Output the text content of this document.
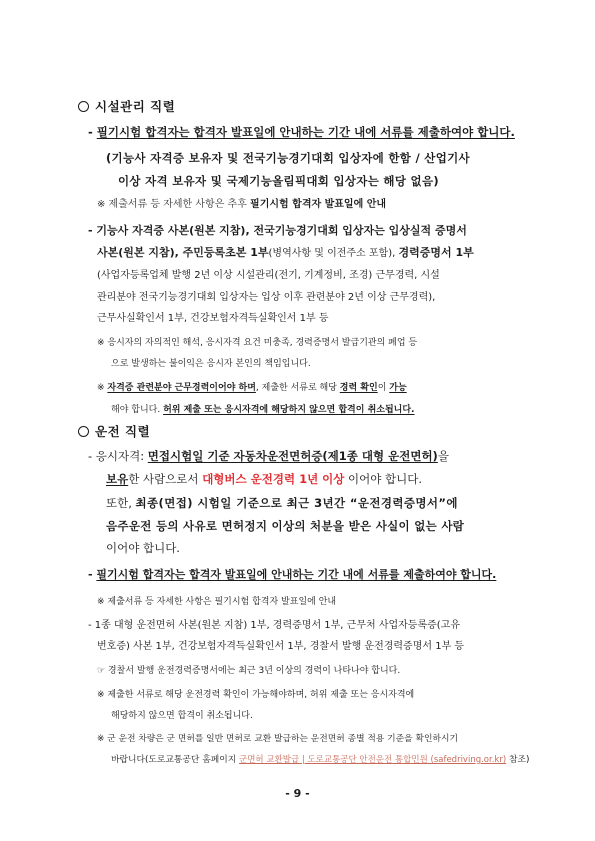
시설관리 직렬
- 필기시험 합격자는 합격자 발표일에 안내하는 기간 내에 서류를 제출하여야 합니다.
(기능사 자격증 보유자 및 전국기능경기대회 입상자에 한함 / 산업기사
이상 자격 보유자 및 국제기능올림픽대회 입상자는 해당 없음)
※ 제출서류 등 자세한 사항은 추후 필기시험 합격자 발표일에 안내
- 기능사 자격증 사본(원본 지참), 전국기능경기대회 입상자는 입상실적 증명서
사본(원본 지참), 주민등록초본 1부(병역사항 및 이전주소 포함), 경력증명서 1부
(사업자등록업체 발행 2년 이상 시설관리(전기, 기계정비, 조경) 근무경력, 시설
관리분야 전국기능경기대회 입상자는 입상 이후 관련분야 2년 이상 근무경력),
근무사실확인서 1부, 건강보험자격득실확인서 1부 등
※ 응시자의 자의적인 해석, 응시자격 요건 미충족, 경력증명서 발급기관의 폐업 등
으로 발생하는 불이익은 응시자 본인의 책임입니다.
※ 자격증 관련분야 근무경력이어야 하며, 제출한 서류로 해당 경력 확인이 가능
해야 합니다. 허위 제출 또는 응시자격에 해당하지 않으면 합격이 취소됩니다.
운전 직렬
- 응시자격: 면접시험일 기준 자동차운전면허증(제1종 대형 운전면허)을
보유한 사람으로서 대형버스 운전경력 1년 이상 이어야 합니다.
또한, 최종(면접) 시험일 기준으로 최근 3년간 “운전경력증명서”에
음주운전 등의 사유로 면허정지 이상의 처분을 받은 사실이 없는 사람
이어야 합니다.
- 필기시험 합격자는 합격자 발표일에 안내하는 기간 내에 서류를 제출하여야 합니다.
※ 제출서류 등 자세한 사항은 필기시험 합격자 발표일에 안내
- 1종 대형 운전면허 사본(원본 지참) 1부, 경력증명서 1부, 근무처 사업자등록증(고유
번호증) 사본 1부, 건강보험자격득실확인서 1부, 경찰서 발행 운전경력증명서 1부 등
☞ 경찰서 발행 운전경력증명서에는 최근 3년 이상의 경력이 나타나야 합니다.
※ 제출한 서류로 해당 운전경력 확인이 가능해야하며, 허위 제출 또는 응시자격에
해당하지 않으면 합격이 취소됩니다.
※ 군 운전 차량은 군 면허를 일반 면허로 교환 발급하는 운전면허 종별 적용 기준을 확인하시기
바랍니다(도로교통공단 홈페이지 군면허 교환발급 | 도로교통공단 안전운전 통합민원 (safedriving.or.kr) 참조)
- 9 -
